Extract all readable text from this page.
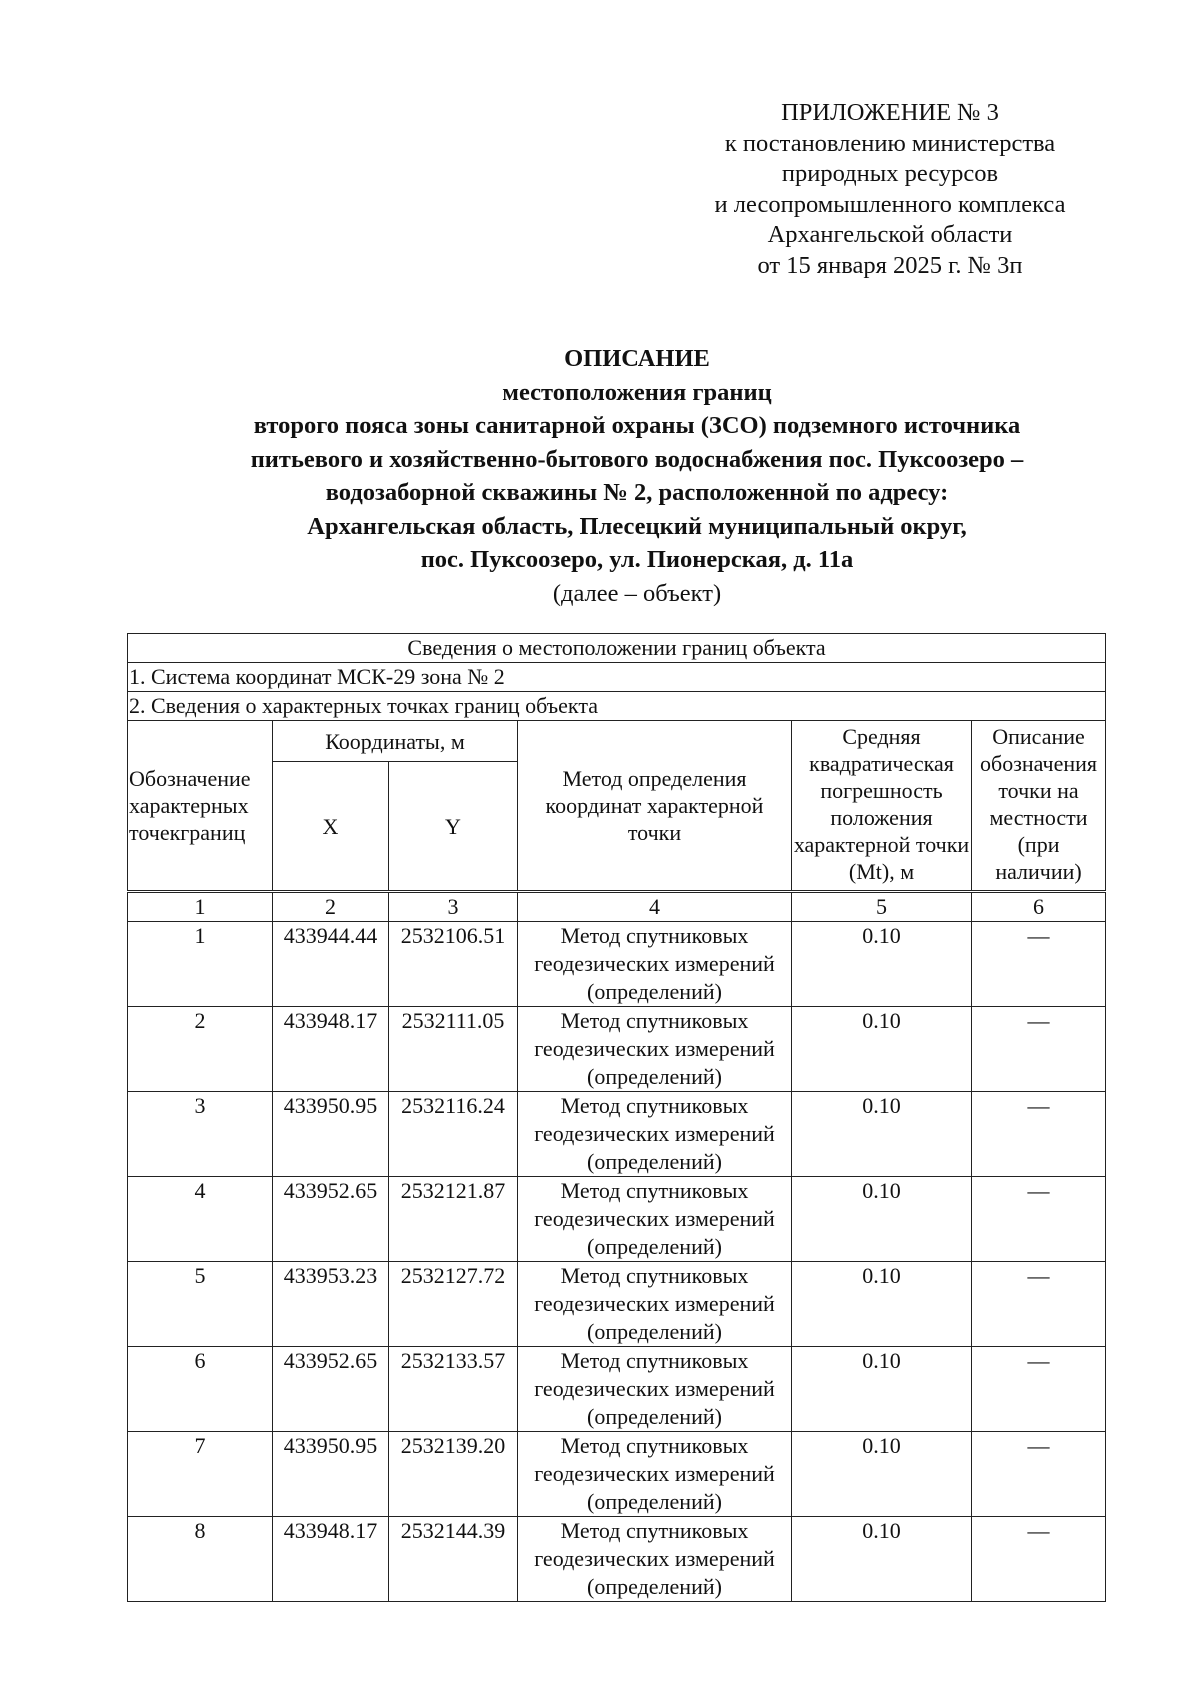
ПРИЛОЖЕНИЕ № 3
к постановлению министерства
природных ресурсов
и лесопромышленного комплекса
Архангельской области
от 15 января 2025 г. № 3п
ОПИСАНИЕ
местоположения границ
второго пояса зоны санитарной охраны (ЗСО) подземного источника
питьевого и хозяйственно-бытового водоснабжения пос. Пуксоозеро –
водозаборной скважины № 2, расположенной по адресу:
Архангельская область, Плесецкий муниципальный округ,
пос. Пуксоозеро, ул. Пионерская, д. 11а
(далее – объект)
Сведения о местоположении границ объекта					
1. Система координат МСК-29 зона № 2					
2. Сведения о характерных точках границ объекта					
Обозначение характерных точекграниц	Координаты, м		Метод определения координат характерной точки	Средняя квадратическая погрешность положения характерной точки (Mt), м	Описание обозначения точки на местности (при наличии)
	X	Y			
1	2	3	4	5	6
1	433944.44	2532106.51	Метод спутниковых геодезических измерений (определений)	0.10	—
2	433948.17	2532111.05	Метод спутниковых геодезических измерений (определений)	0.10	—
3	433950.95	2532116.24	Метод спутниковых геодезических измерений (определений)	0.10	—
4	433952.65	2532121.87	Метод спутниковых геодезических измерений (определений)	0.10	—
5	433953.23	2532127.72	Метод спутниковых геодезических измерений (определений)	0.10	—
6	433952.65	2532133.57	Метод спутниковых геодезических измерений (определений)	0.10	—
7	433950.95	2532139.20	Метод спутниковых геодезических измерений (определений)	0.10	—
8	433948.17	2532144.39	Метод спутниковых геодезических измерений (определений)	0.10	—
